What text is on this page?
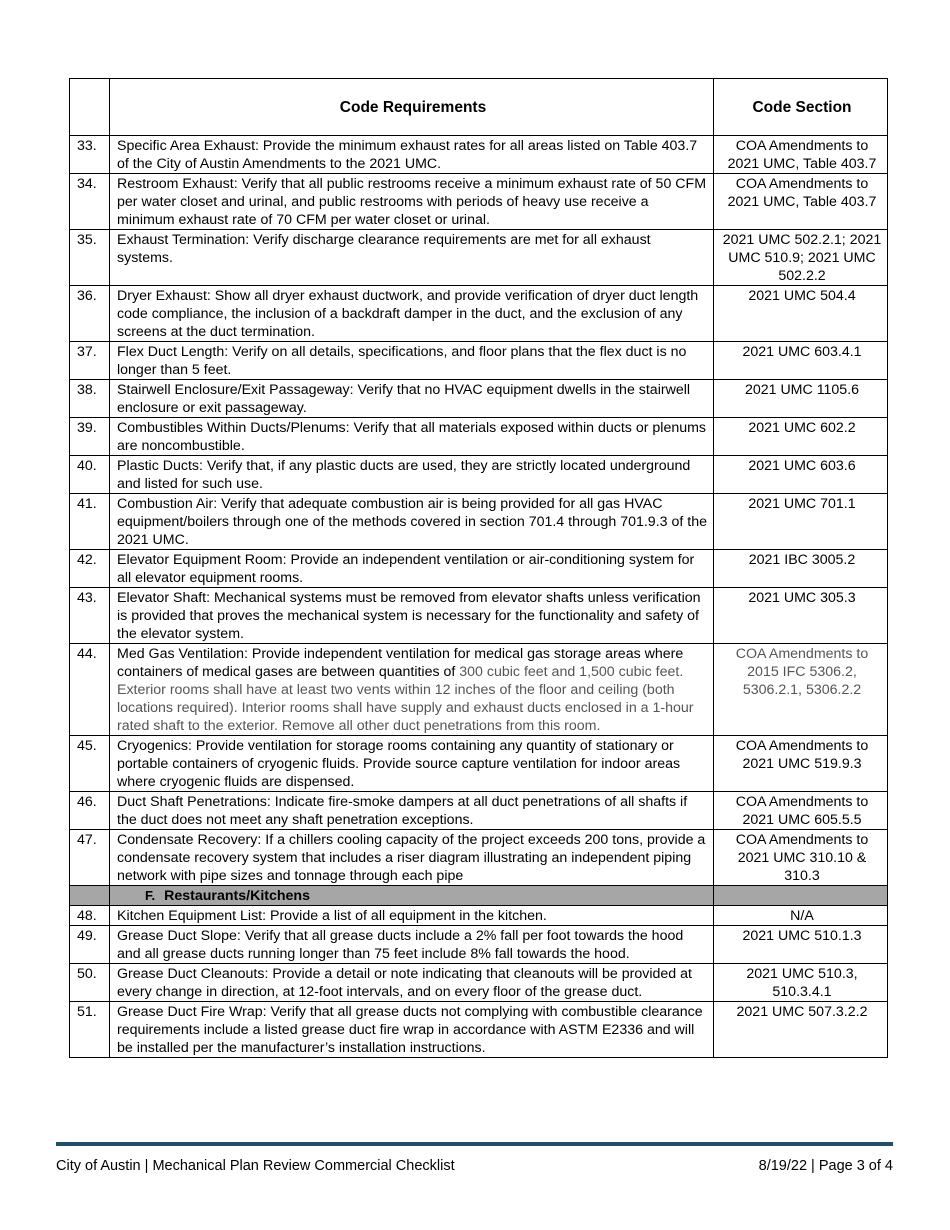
	Code Requirements	Code Section
33.	Specific Area Exhaust: Provide the minimum exhaust rates for all areas listed on Table 403.7 of the City of Austin Amendments to the 2021 UMC.	COA Amendments to 2021 UMC, Table 403.7
34.	Restroom Exhaust: Verify that all public restrooms receive a minimum exhaust rate of 50 CFM per water closet and urinal, and public restrooms with periods of heavy use receive a minimum exhaust rate of 70 CFM per water closet or urinal.	COA Amendments to 2021 UMC, Table 403.7
35.	Exhaust Termination: Verify discharge clearance requirements are met for all exhaust systems.	2021 UMC 502.2.1; 2021 UMC 510.9; 2021 UMC 502.2.2
36.	Dryer Exhaust: Show all dryer exhaust ductwork, and provide verification of dryer duct length code compliance, the inclusion of a backdraft damper in the duct, and the exclusion of any screens at the duct termination.	2021 UMC 504.4
37.	Flex Duct Length: Verify on all details, specifications, and floor plans that the flex duct is no longer than 5 feet.	2021 UMC 603.4.1
38.	Stairwell Enclosure/Exit Passageway: Verify that no HVAC equipment dwells in the stairwell enclosure or exit passageway.	2021 UMC 1105.6
39.	Combustibles Within Ducts/Plenums: Verify that all materials exposed within ducts or plenums are noncombustible.	2021 UMC 602.2
40.	Plastic Ducts: Verify that, if any plastic ducts are used, they are strictly located underground and listed for such use.	2021 UMC 603.6
41.	Combustion Air: Verify that adequate combustion air is being provided for all gas HVAC equipment/boilers through one of the methods covered in section 701.4 through 701.9.3 of the 2021 UMC.	2021 UMC 701.1
42.	Elevator Equipment Room: Provide an independent ventilation or air-conditioning system for all elevator equipment rooms.	2021 IBC 3005.2
43.	Elevator Shaft: Mechanical systems must be removed from elevator shafts unless verification is provided that proves the mechanical system is necessary for the functionality and safety of the elevator system.	2021 UMC 305.3
44.	Med Gas Ventilation: Provide independent ventilation for medical gas storage areas where containers of medical gases are between quantities of 300 cubic feet and 1,500 cubic feet. Exterior rooms shall have at least two vents within 12 inches of the floor and ceiling (both locations required). Interior rooms shall have supply and exhaust ducts enclosed in a 1-hour rated shaft to the exterior. Remove all other duct penetrations from this room.	COA Amendments to 2015 IFC 5306.2, 5306.2.1, 5306.2.2
45.	Cryogenics: Provide ventilation for storage rooms containing any quantity of stationary or portable containers of cryogenic fluids. Provide source capture ventilation for indoor areas where cryogenic fluids are dispensed.	COA Amendments to 2021 UMC 519.9.3
46.	Duct Shaft Penetrations: Indicate fire-smoke dampers at all duct penetrations of all shafts if the duct does not meet any shaft penetration exceptions.	COA Amendments to 2021 UMC 605.5.5
47.	Condensate Recovery: If a chillers cooling capacity of the project exceeds 200 tons, provide a condensate recovery system that includes a riser diagram illustrating an independent piping network with pipe sizes and tonnage through each pipe	COA Amendments to 2021 UMC 310.10 & 310.3
	F. Restaurants/Kitchens	
48.	Kitchen Equipment List: Provide a list of all equipment in the kitchen.	N/A
49.	Grease Duct Slope: Verify that all grease ducts include a 2% fall per foot towards the hood and all grease ducts running longer than 75 feet include 8% fall towards the hood.	2021 UMC 510.1.3
50.	Grease Duct Cleanouts: Provide a detail or note indicating that cleanouts will be provided at every change in direction, at 12-foot intervals, and on every floor of the grease duct.	2021 UMC 510.3, 510.3.4.1
51.	Grease Duct Fire Wrap: Verify that all grease ducts not complying with combustible clearance requirements include a listed grease duct fire wrap in accordance with ASTM E2336 and will be installed per the manufacturer’s installation instructions.	2021 UMC 507.3.2.2
City of Austin | Mechanical Plan Review Commercial Checklist	8/19/22 | Page 3 of 4
